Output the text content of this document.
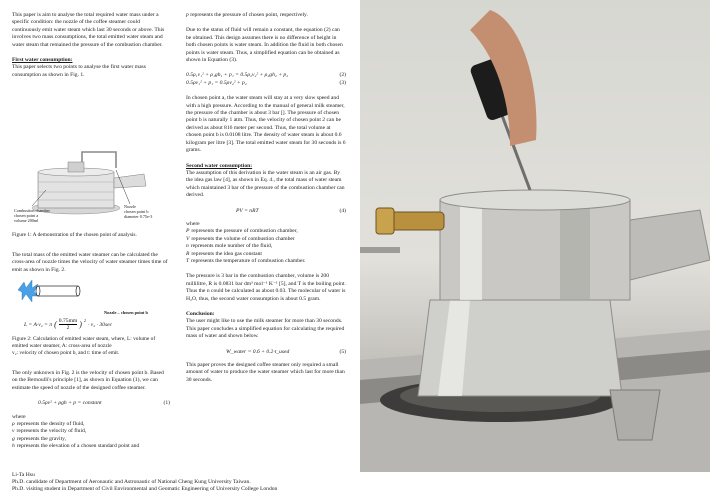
This paper is aim to analyse the total required water mass under a specific condition: the nozzle of the coffee steamer could continuously emit water steam which last 30 seconds or above. This involves two mass consumptions, the total emitted water steam and water steam that remained the pressure of the combustion chamber.

First water consumption:

This paper selects two points to analyse the first water mass consumption as shown in Fig. 1.

Combustion chamber
chosen point a
volume 200ml
Nozzle
chosen point b
diameter 0.75e-3
Figure 1: A demonstration of the chosen point of analysis.
The total mass of the emitted water steamer can be calculated the cross-area of nozzle times the velocity of water steamer times time of emit as shown in Fig. 2.
Nozzle – chosen point b
L = A·v₂ = π ( $\frac{0.75mm}{2}$ ) 2
· v₂ · 30sec
Figure 2: Calculation of emitted water steam, where, L: volume of emitted water steamer, A: cross-area of nozzle
v₂: velocity of chosen point b, and t: time of emit.

The only unknown in Fig. 2 is the velocity of chosen point b. Based on the Bernoulli's principle [1], as shown in Equation (1), we can estimate the speed of nozzle of the designed coffee steamer.

0.5ρv² + ρgh + p = constant	(1)
where
ρ represents the density of fluid,
v represents the velocity of fluid,
g represents the gravity,
h represents the elevation of a chosen standard point and

p represents the pressure of chosen point, respectively.

Due to the status of fluid will remain a constant, the equation (2) can be obtained. This design assumes there is no difference of height in both chosen points is water steam. In addition the fluid in both chosen points is water steam. Thus, a simplified equation can be obtained as shown in Equation (3).

0.5ρ₁v₁² + ρ₁gh₁ + p₁ = 0.5ρ₂v₂² + ρ₂gh₂ + p₂	(2)
0.5ρv₁² + p₁ = 0.5ρv₂² + p₂	(3)

In chosen point a, the water steam will stay at a very slow speed and with a high pressure. According to the manual of general milk steamer, the pressure of the chamber is about 3 bar []. The pressure of chosen point b is naturally 1 atm. Thus, the velocity of chosen point 2 can be derived as about 816 meter per second. Thus, the total volume at chosen point b is 0.0108 litre. The density of water steam is about 0.6 kilogram per litre [3]. The total emitted water steam for 30 seconds is 6 grams.

Second water consumption:

The assumption of this derivation is the water steam is an air gas. By the idea gas law [4], as shown in Eq. 4., the total mass of water steam which maintained 3 bar of the pressure of the combustion chamber can derived.

PV = nRT	(4)
where
P represents the pressure of combustion chamber,
V represents the volume of combustion chamber
n represents mole number of the fluid,
R represents the idea gas constant
T represents the temperature of combustion chamber.

The pressure is 3 bar in the combustion chamber, volume is 200 millilitre, R is 0.0831 bar dm³ mol⁻¹ K⁻¹ [5], and T is the boiling point. Thus the n could be calculated as about 0.03. The molecular of water is H₂O, thus, the second water consumption is about 0.5 gram.

Conclusion:

The user might like to use the milk steamer for more than 30 seconds. This paper concludes a simplified equation for calculating the required mass of water and shown below.

W_water = 0.6 + 0.2·t_used	(5)

This paper proves the designed coffee steamer only required a small amount of water to produce the water steamer which last for more than 30 seconds.

Li-Ta Hsu
Ph.D. candidate of Department of Aeronautic and Astronautic of National Cheng Kung University Taiwan.
Ph.D. visiting student in Department of Civil Environmental and Geomatic Engineering of University College London
